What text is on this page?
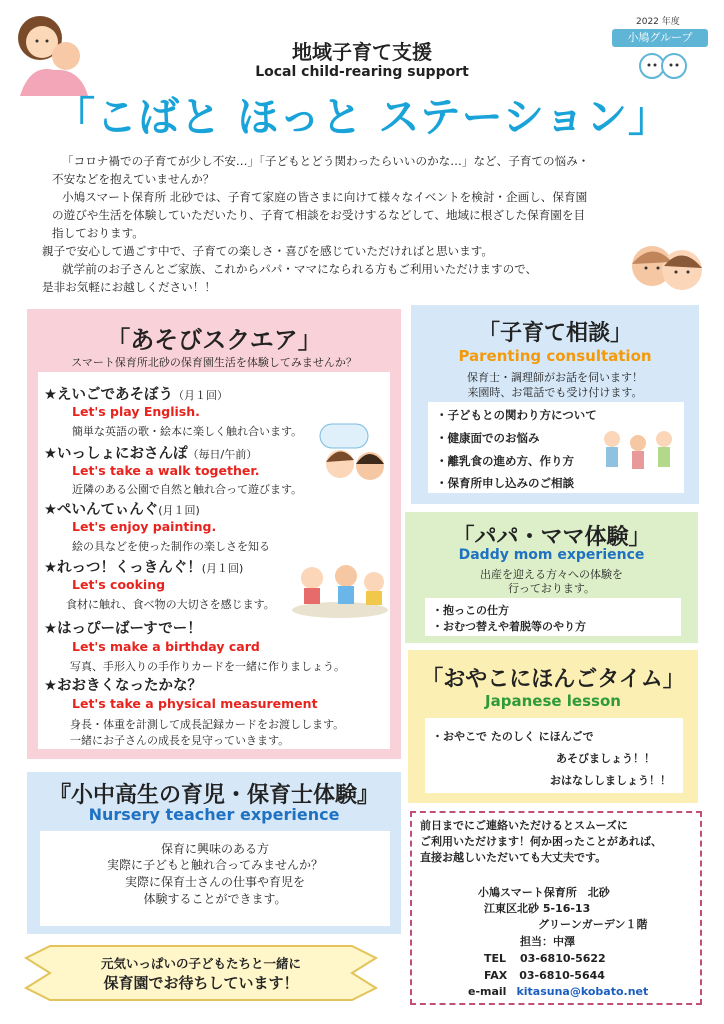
2022 年度
小鳩グループ
地域子育て支援
Local child-rearing support
「こばと ほっと ステーション」

「コロナ禍での子育てが少し不安…」「子どもとどう関わったらいいのかな…」など、子育ての悩み・

不安などを抱えていませんか？

小鳩スマート保育所 北砂では、子育て家庭の皆さまに向けて様々なイベントを検討・企画し、保育園

の遊びや生活を体験していただいたり、子育て相談をお受けするなどして、地域に根ざした保育園を目

指しております。

親子で安心して過ごす中で、子育ての楽しさ・喜びを感じていただければと思います。

就学前のお子さんとご家族、これからパパ・ママになられる方もご利用いただけますので、

是非お気軽にお越しください！！

「あそびスクエア」
スマート保育所北砂の保育園生活を体験してみませんか？
★えいごであそぼう（月１回）
Let's play English.
簡単な英語の歌・絵本に楽しく触れ合います。
★いっしょにおさんぽ（毎日/午前）
Let's take a walk together.
近隣のある公園で自然と触れ合って遊びます。
★ぺいんてぃんぐ(月１回)
Let's enjoy painting.
絵の具などを使った制作の楽しさを知る
★れっつ！くっきんぐ！(月１回)
Let's cooking
食材に触れ、食べ物の大切さを感じます。
★はっぴーばーすでー！
Let's make a birthday card
写真、手形入りの手作りカードを一緒に作りましょう。
★おおきくなったかな？
Let's take a physical measurement
身長・体重を計測して成長記録カードをお渡しします。
一緒にお子さんの成長を見守っていきます。
「子育て相談」
Parenting consultation
保育士・調理師がお話を伺います！
来園時、お電話でも受け付けます。
・子どもとの関わり方について
・健康面でのお悩み
・離乳食の進め方、作り方
・保育所申し込みのご相談
「パパ・ママ体験」
Daddy mom experience
出産を迎える方々への体験を
行っております。
・抱っこの仕方
・おむつ替えや着脱等のやり方
「おやこにほんごタイム」
Japanese lesson
・おやこで たのしく にほんごで
あそびましょう！！
おはなししましょう！！
『小中高生の育児・保育士体験』
Nursery teacher experience
保育に興味のある方
実際に子どもと触れ合ってみませんか？
実際に保育士さんの仕事や育児を
体験することができます。
元気いっぱいの子どもたちと一緒に
保育園でお待ちしています！
前日までにご連絡いただけるとスムーズに
ご利用いただけます！何か困ったことがあれば、
直接お越しいただいても大丈夫です。
小鳩スマート保育所　北砂
江東区北砂 5-16-13
グリーンガーデン１階
担当：中澤
TEL 03-6810-5622
FAX 03-6810-5644
e-mail kitasuna@kobato.net
